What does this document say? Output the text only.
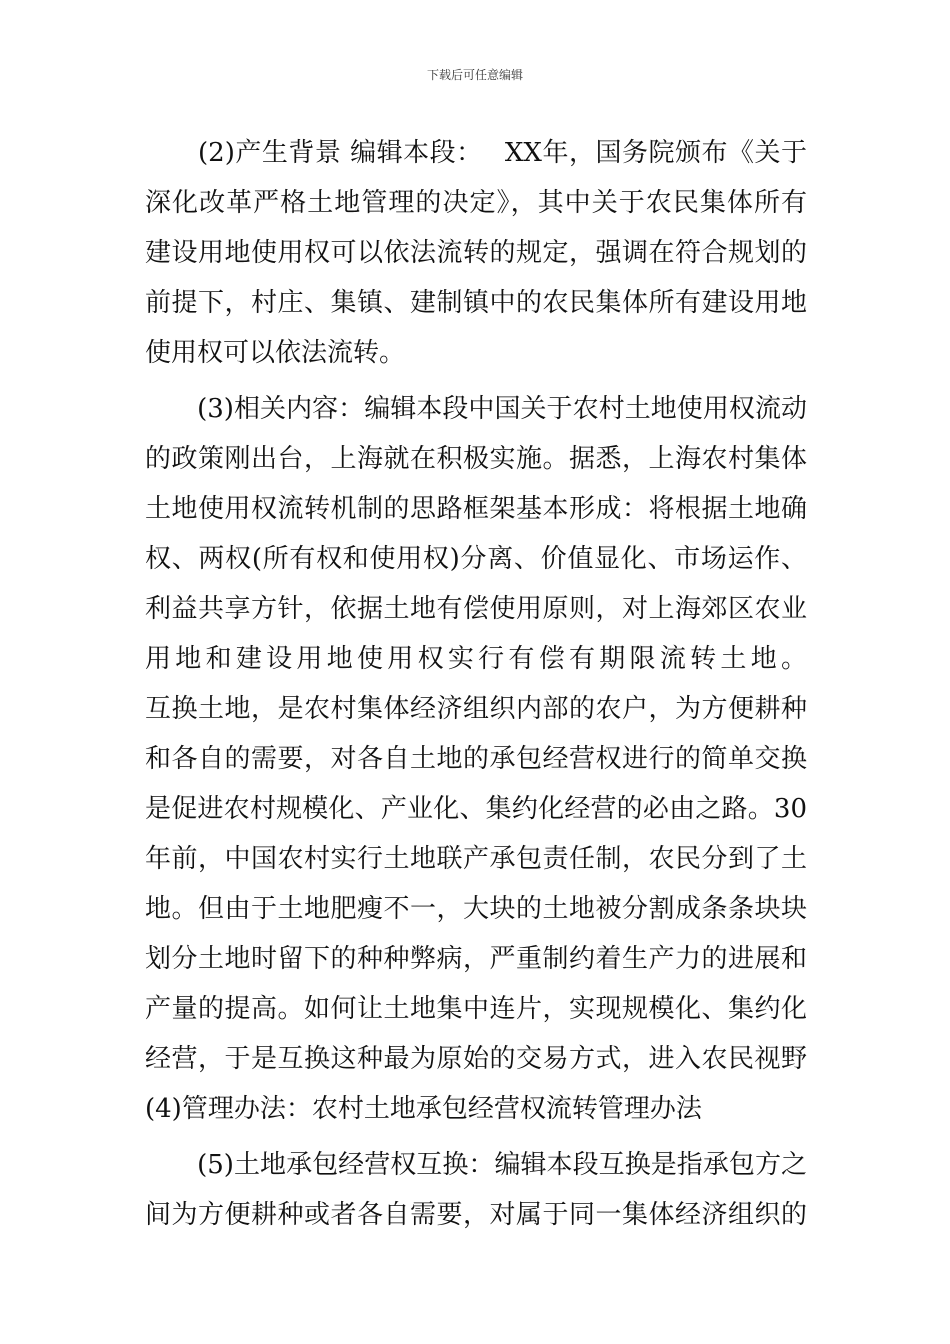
下载后可任意编辑
　　(2)产生背景 编辑本段：　 XX年，国务院颁布《关于
深化改革严格土地管理的决定》，其中关于农民集体所有
建设用地使用权可以依法流转的规定，强调在符合规划的
前提下，村庄、集镇、建制镇中的农民集体所有建设用地
使用权可以依法流转。
　　(3)相关内容：编辑本段中国关于农村土地使用权流动
的政策刚出台，上海就在积极实施。据悉，上海农村集体
土地使用权流转机制的思路框架基本形成：将根据土地确
权、两权(所有权和使用权)分离、价值显化、市场运作、
利益共享方针，依据土地有偿使用原则，对上海郊区农业
用地和建设用地使用权实行有偿有期限流转土地。
互换土地，是农村集体经济组织内部的农户，为方便耕种
和各自的需要，对各自土地的承包经营权进行的简单交换
是促进农村规模化、产业化、集约化经营的必由之路。30
年前，中国农村实行土地联产承包责任制，农民分到了土
地。但由于土地肥瘦不一，大块的土地被分割成条条块块
划分土地时留下的种种弊病，严重制约着生产力的进展和
产量的提高。如何让土地集中连片，实现规模化、集约化
经营，于是互换这种最为原始的交易方式，进入农民视野
(4)管理办法：农村土地承包经营权流转管理办法
　　(5)土地承包经营权互换：编辑本段互换是指承包方之
间为方便耕种或者各自需要，对属于同一集体经济组织的
